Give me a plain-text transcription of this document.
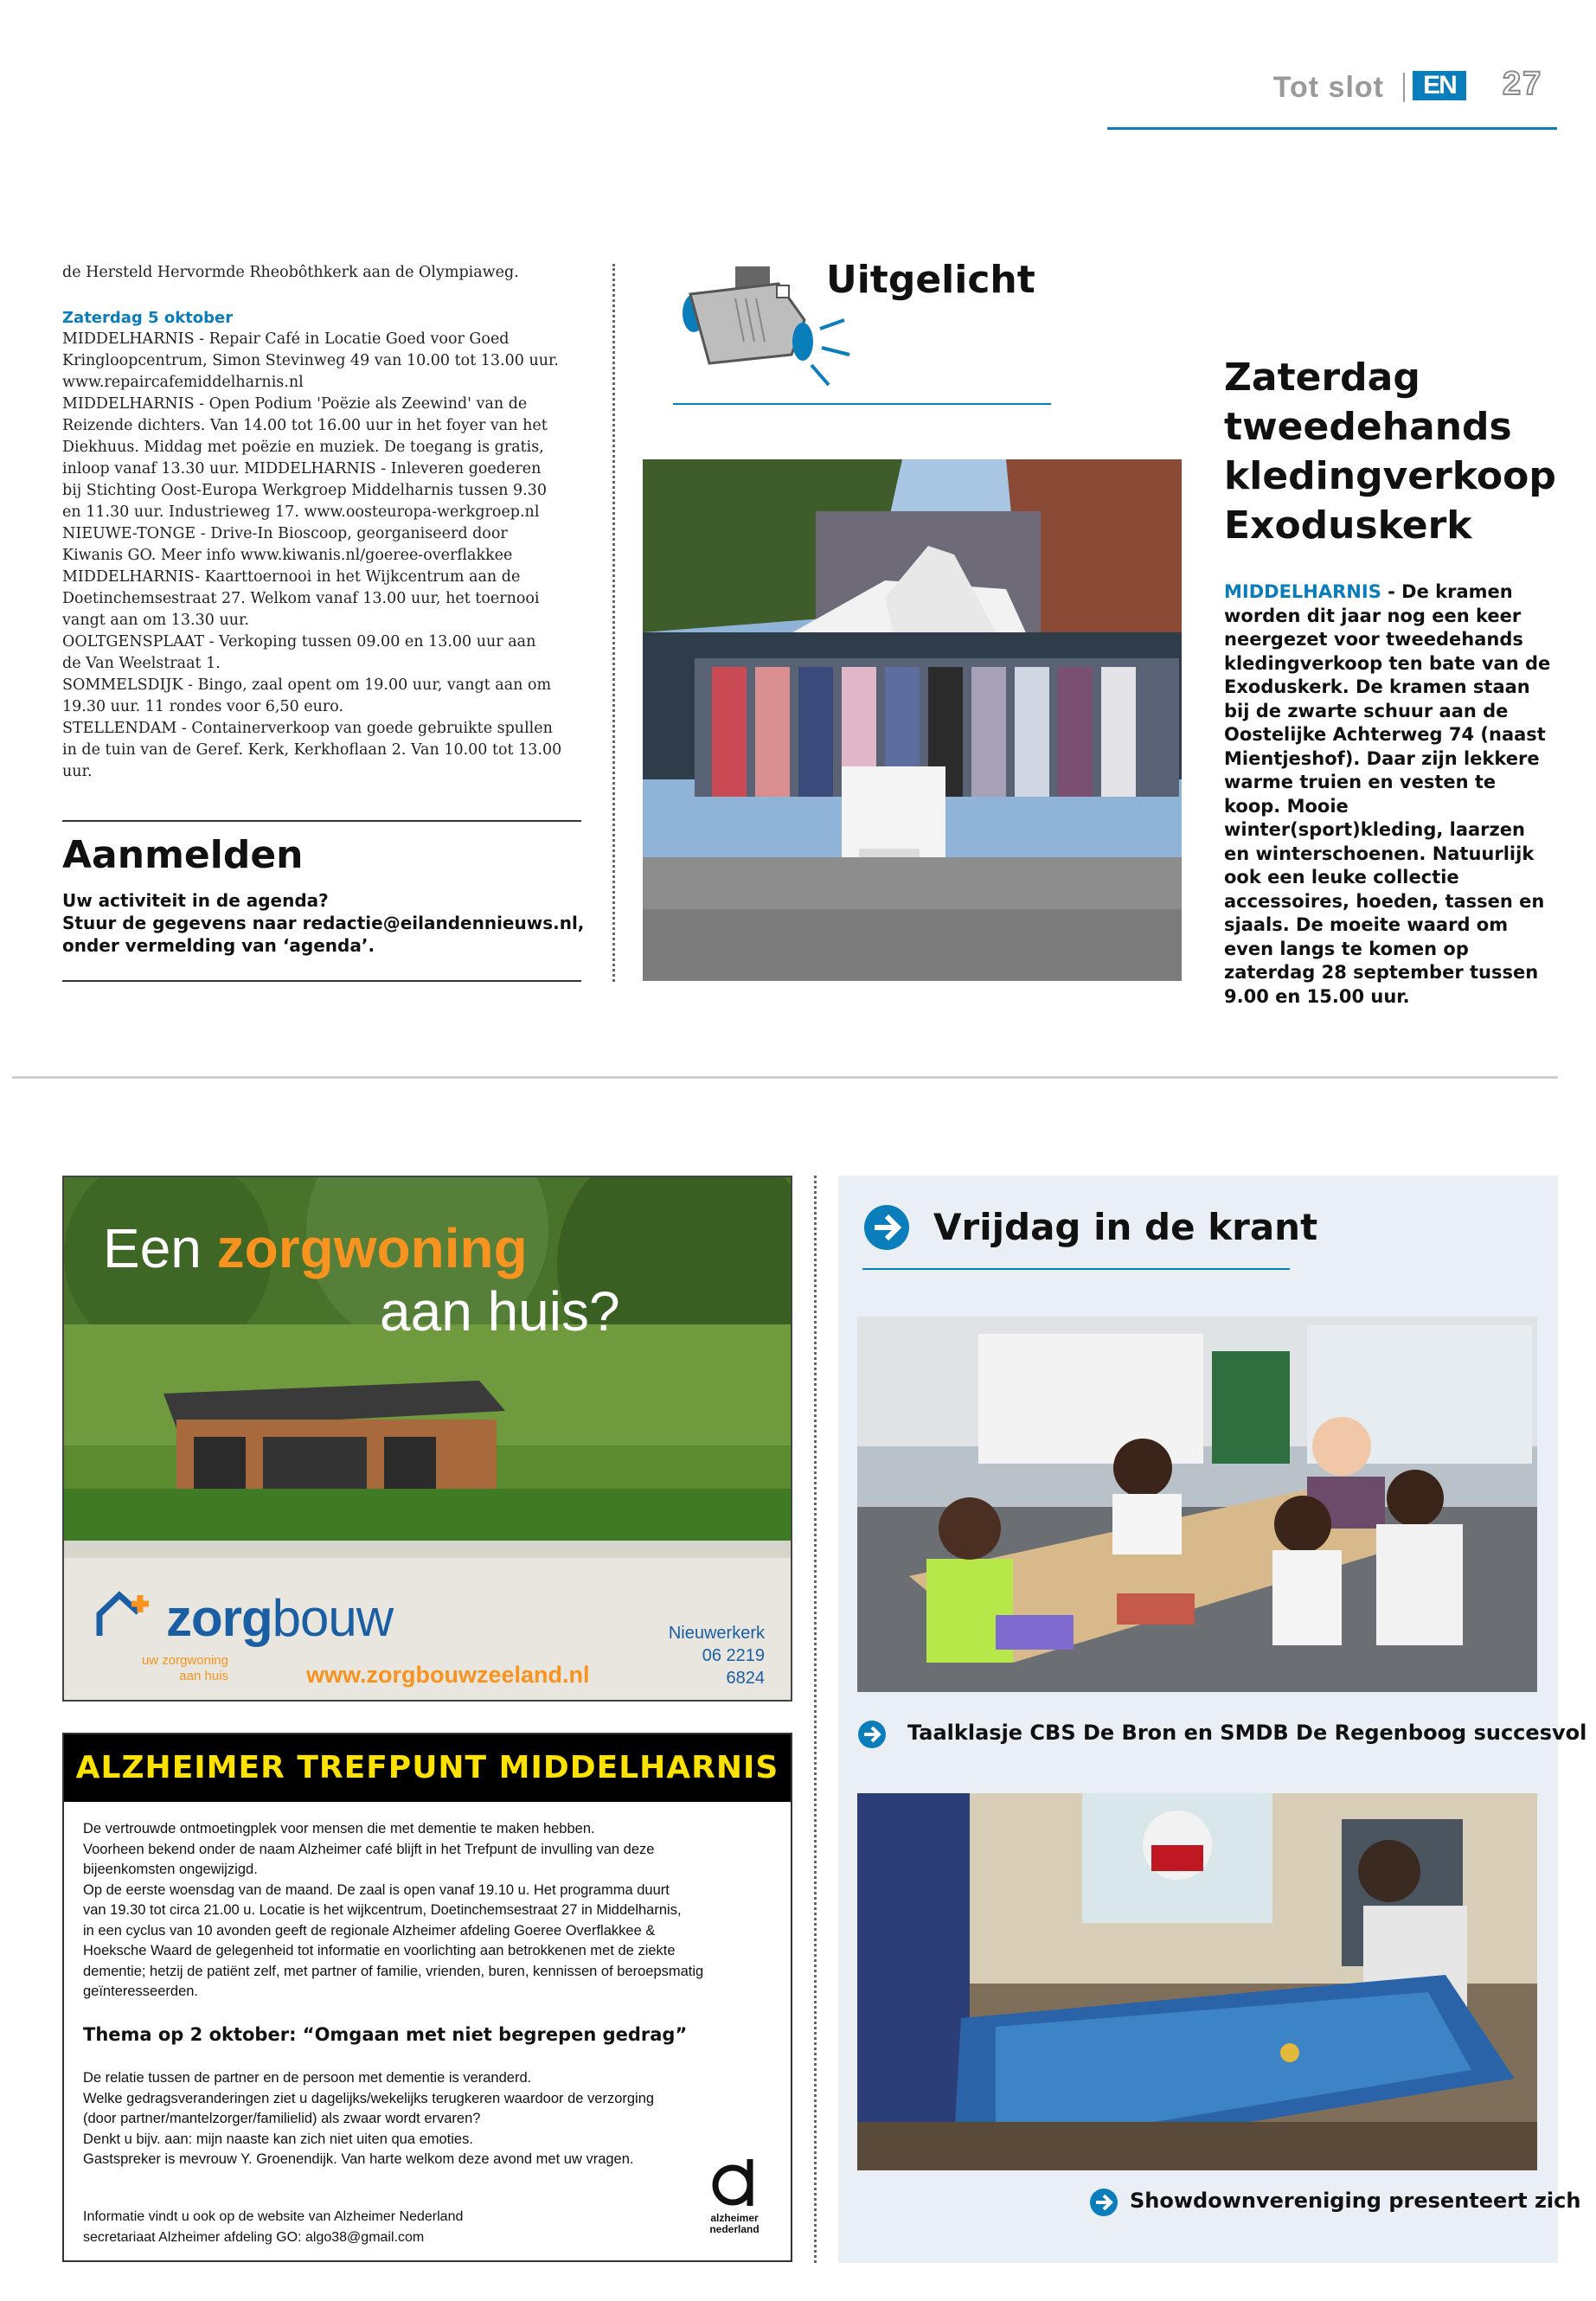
Tot slot	EN	27

de Hersteld Hervormde Rheobôthkerk aan de Olympiaweg.

Zaterdag 5 oktober

MIDDELHARNIS - Repair Café in Locatie Goed voor Goed

Kringloopcentrum, Simon Stevinweg 49 van 10.00 tot 13.00 uur.

www.repaircafemiddelharnis.nl

MIDDELHARNIS - Open Podium 'Poëzie als Zeewind' van de

Reizende dichters. Van 14.00 tot 16.00 uur in het foyer van het

Diekhuus. Middag met poëzie en muziek. De toegang is gratis,

inloop vanaf 13.30 uur. MIDDELHARNIS - Inleveren goederen

bij Stichting Oost-Europa Werkgroep Middelharnis tussen 9.30

en 11.30 uur. Industrieweg 17. www.oosteuropa-werkgroep.nl

NIEUWE-TONGE - Drive-In Bioscoop, georganiseerd door

Kiwanis GO. Meer info www.kiwanis.nl/goeree-overflakkee

MIDDELHARNIS- Kaarttoernooi in het Wijkcentrum aan de

Doetinchemsestraat 27. Welkom vanaf 13.00 uur, het toernooi

vangt aan om 13.30 uur.

OOLTGENSPLAAT - Verkoping tussen 09.00 en 13.00 uur aan

de Van Weelstraat 1.

SOMMELSDIJK - Bingo, zaal opent om 19.00 uur, vangt aan om

19.30 uur. 11 rondes voor 6,50 euro.

STELLENDAM - Containerverkoop van goede gebruikte spullen

in de tuin van de Geref. Kerk, Kerkhoflaan 2. Van 10.00 tot 13.00

uur.

Aanmelden

Uw activiteit in de agenda?

Stuur de gegevens naar redactie@eilandennieuws.nl,

onder vermelding van ‘agenda’.

Uitgelicht

Zaterdag

tweedehands

kledingverkoop

Exoduskerk

MIDDELHARNIS - De kramen worden dit jaar nog een keer neergezet voor tweedehands kledingverkoop ten bate van de Exoduskerk. De kramen staan bij de zwarte schuur aan de Oostelijke Achterweg 74 (naast Mientjeshof). Daar zijn lekkere warme truien en vesten te koop. Mooie winter(sport)kleding, laarzen en winterschoenen. Natuurlijk ook een leuke collectie accessoires, hoeden, tassen en sjaals. De moeite waard om even langs te komen op zaterdag 28 september tussen 9.00 en 15.00 uur.
Een zorgwoning
aan huis?
zorgbouw
uw zorgwoning
aan huis	www.zorgbouwzeeland.nl
Nieuwerkerk
06 2219 6824
ALZHEIMER TREFPUNT MIDDELHARNIS

De vertrouwde ontmoetingplek voor mensen die met dementie te maken hebben.

Voorheen bekend onder de naam Alzheimer café blijft in het Trefpunt de invulling van deze

bijeenkomsten ongewijzigd.

Op de eerste woensdag van de maand. De zaal is open vanaf 19.10 u. Het programma duurt

van 19.30 tot circa 21.00 u. Locatie is het wijkcentrum, Doetinchemsestraat 27 in Middelharnis,

in een cyclus van 10 avonden geeft de regionale Alzheimer afdeling Goeree Overflakkee &

Hoeksche Waard de gelegenheid tot informatie en voorlichting aan betrokkenen met de ziekte

dementie; hetzij de patiënt zelf, met partner of familie, vrienden, buren, kennissen of beroepsmatig

geïnteresseerden.

Thema op 2 oktober: “Omgaan met niet begrepen gedrag”

De relatie tussen de partner en de persoon met dementie is veranderd.

Welke gedragsveranderingen ziet u dagelijks/wekelijks terugkeren waardoor de verzorging

(door partner/mantelzorger/familielid) als zwaar wordt ervaren?

Denkt u bijv. aan: mijn naaste kan zich niet uiten qua emoties.

Gastspreker is mevrouw Y. Groenendijk. Van harte welkom deze avond met uw vragen.

Informatie vindt u ook op de website van Alzheimer Nederland

secretariaat Alzheimer afdeling GO: algo38@gmail.com

alzheimer
nederland
Vrijdag in de krant
Taalklasje CBS De Bron en SMDB De Regenboog succesvol
Showdownvereniging presenteert zich
